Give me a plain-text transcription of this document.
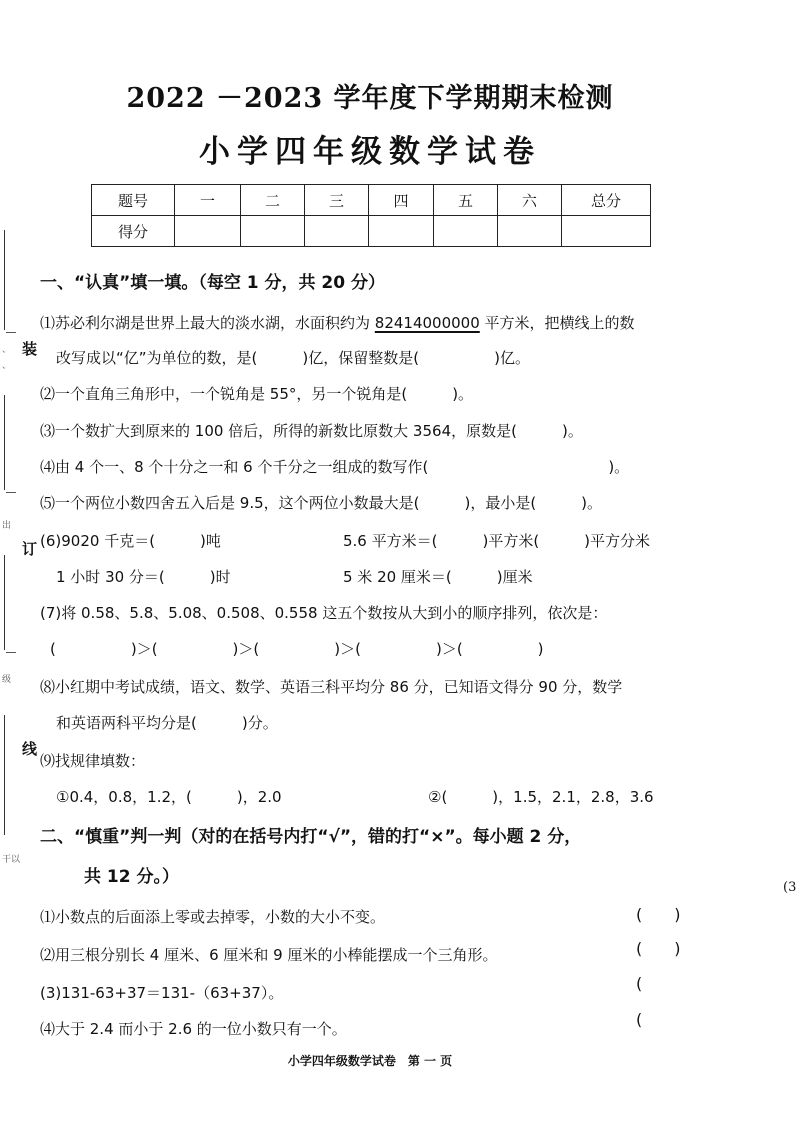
装
订
线
、
、
出
级
干以
2022 －2023 学年度下学期期末检测
小学四年级数学试卷
题号	一	二	三	四	五	六	总分
得分							
一、“认真”填一填。（每空 1 分，共 20 分）
⑴苏必利尔湖是世界上最大的淡水湖，水面积约为 82414000000 平方米，把横线上的数
改写成以“亿”为单位的数，是(　　　)亿，保留整数是(　　　　　)亿。
⑵一个直角三角形中，一个锐角是 55°，另一个锐角是(　　　)。
⑶一个数扩大到原来的 100 倍后，所得的新数比原数大 3564，原数是(　　　)。
⑷由 4 个一、8 个十分之一和 6 个千分之一组成的数写作(　　　　　　　　　　　　)。
⑸一个两位小数四舍五入后是 9.5，这个两位小数最大是(　　　)，最小是(　　　)。
(6)9020 千克＝(　　　)吨	5.6 平方米＝(　　　)平方米(　　　)平方分米
1 小时 30 分＝(　　　)时	5 米 20 厘米＝(　　　)厘米
(7)将 0.58、5.8、5.08、0.508、0.558 这五个数按从大到小的顺序排列，依次是：
(　　　　　)＞(　　　　　)＞(　　　　　)＞(　　　　　)＞(　　　　　)
⑻小红期中考试成绩，语文、数学、英语三科平均分 86 分，已知语文得分 90 分，数学
和英语两科平均分是(　　　)分。
⑼找规律填数：
①0.4，0.8，1.2，(　　　)，2.0	②(　　　)，1.5，2.1，2.8，3.6
二、“慎重”判一判（对的在括号内打“√”，错的打“×”。每小题 2 分，
共 12 分。）
⑴小数点的后面添上零或去掉零，小数的大小不变。	(　　)
⑵用三根分别长 4 厘米、6 厘米和 9 厘米的小棒能摆成一个三角形。	(　　)
(3)131-63+37＝131-（63+37）。	(
⑷大于 2.4 而小于 2.6 的一位小数只有一个。	(
小学四年级数学试卷　第 一 页
(3
